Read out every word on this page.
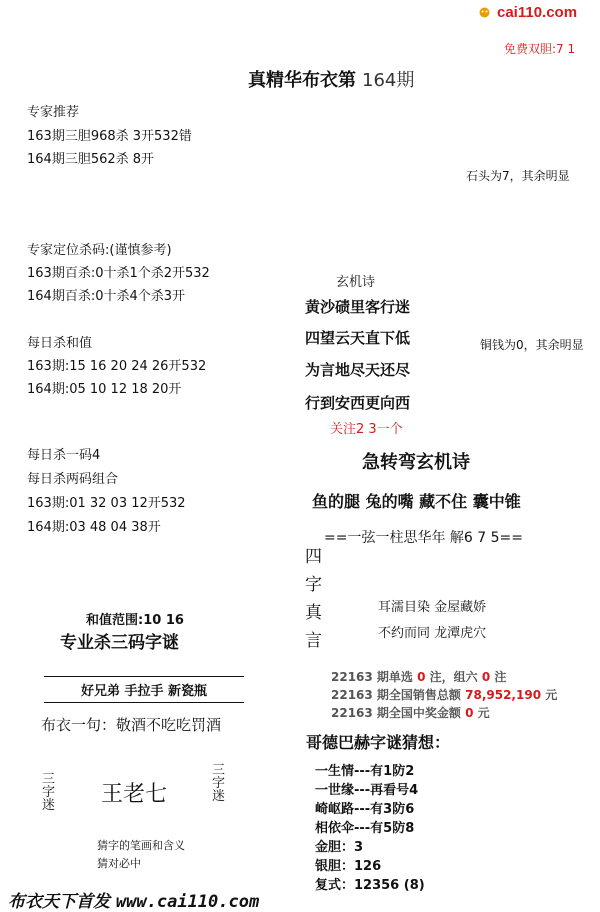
cai110.com
免费双胆:7 1
真精华布衣第 164期
专家推荐
163期三胆968杀 3开532错
164期三胆562杀 8开
专家定位杀码:(谨慎参考)
163期百杀:0十杀1个杀2开532
164期百杀:0十杀4个杀3开
每日杀和值
163期:15 16 20 24 26开532
164期:05 10 12 18 20开
每日杀一码4
每日杀两码组合
163期:01 32 03 12开532
164期:03 48 04 38开
和值范围:10 16
专业杀三码字谜
好兄弟 手拉手 新瓷瓶
布衣一句：敬酒不吃吃罚酒
三字迷 王老七
三字迷
猜字的笔画和含义
猜对必中
石头为7，其余明显
玄机诗
黄沙碛里客行迷
四望云天直下低
为言地尽天还尽
行到安西更向西
铜钱为0，其余明显
关注2 3一个
急转弯玄机诗
鱼的腿 兔的嘴 藏不住 囊中锥
==一弦一柱思华年 解6 7 5==
四字真言
耳濡目染 金屋藏娇
不约而同 龙潭虎穴
22163 期单选 0 注，组六 0 注
22163 期全国销售总额 78,952,190 元
22163 期全国中奖金额 0 元
哥德巴赫字谜猜想：
一生情---有1防2
一世缘---再看号4
崎岖路---有3防6
相依伞---有5防8
金胆：3
银胆：126
复式：12356 (8)
布衣天下首发 www.cai110.com
